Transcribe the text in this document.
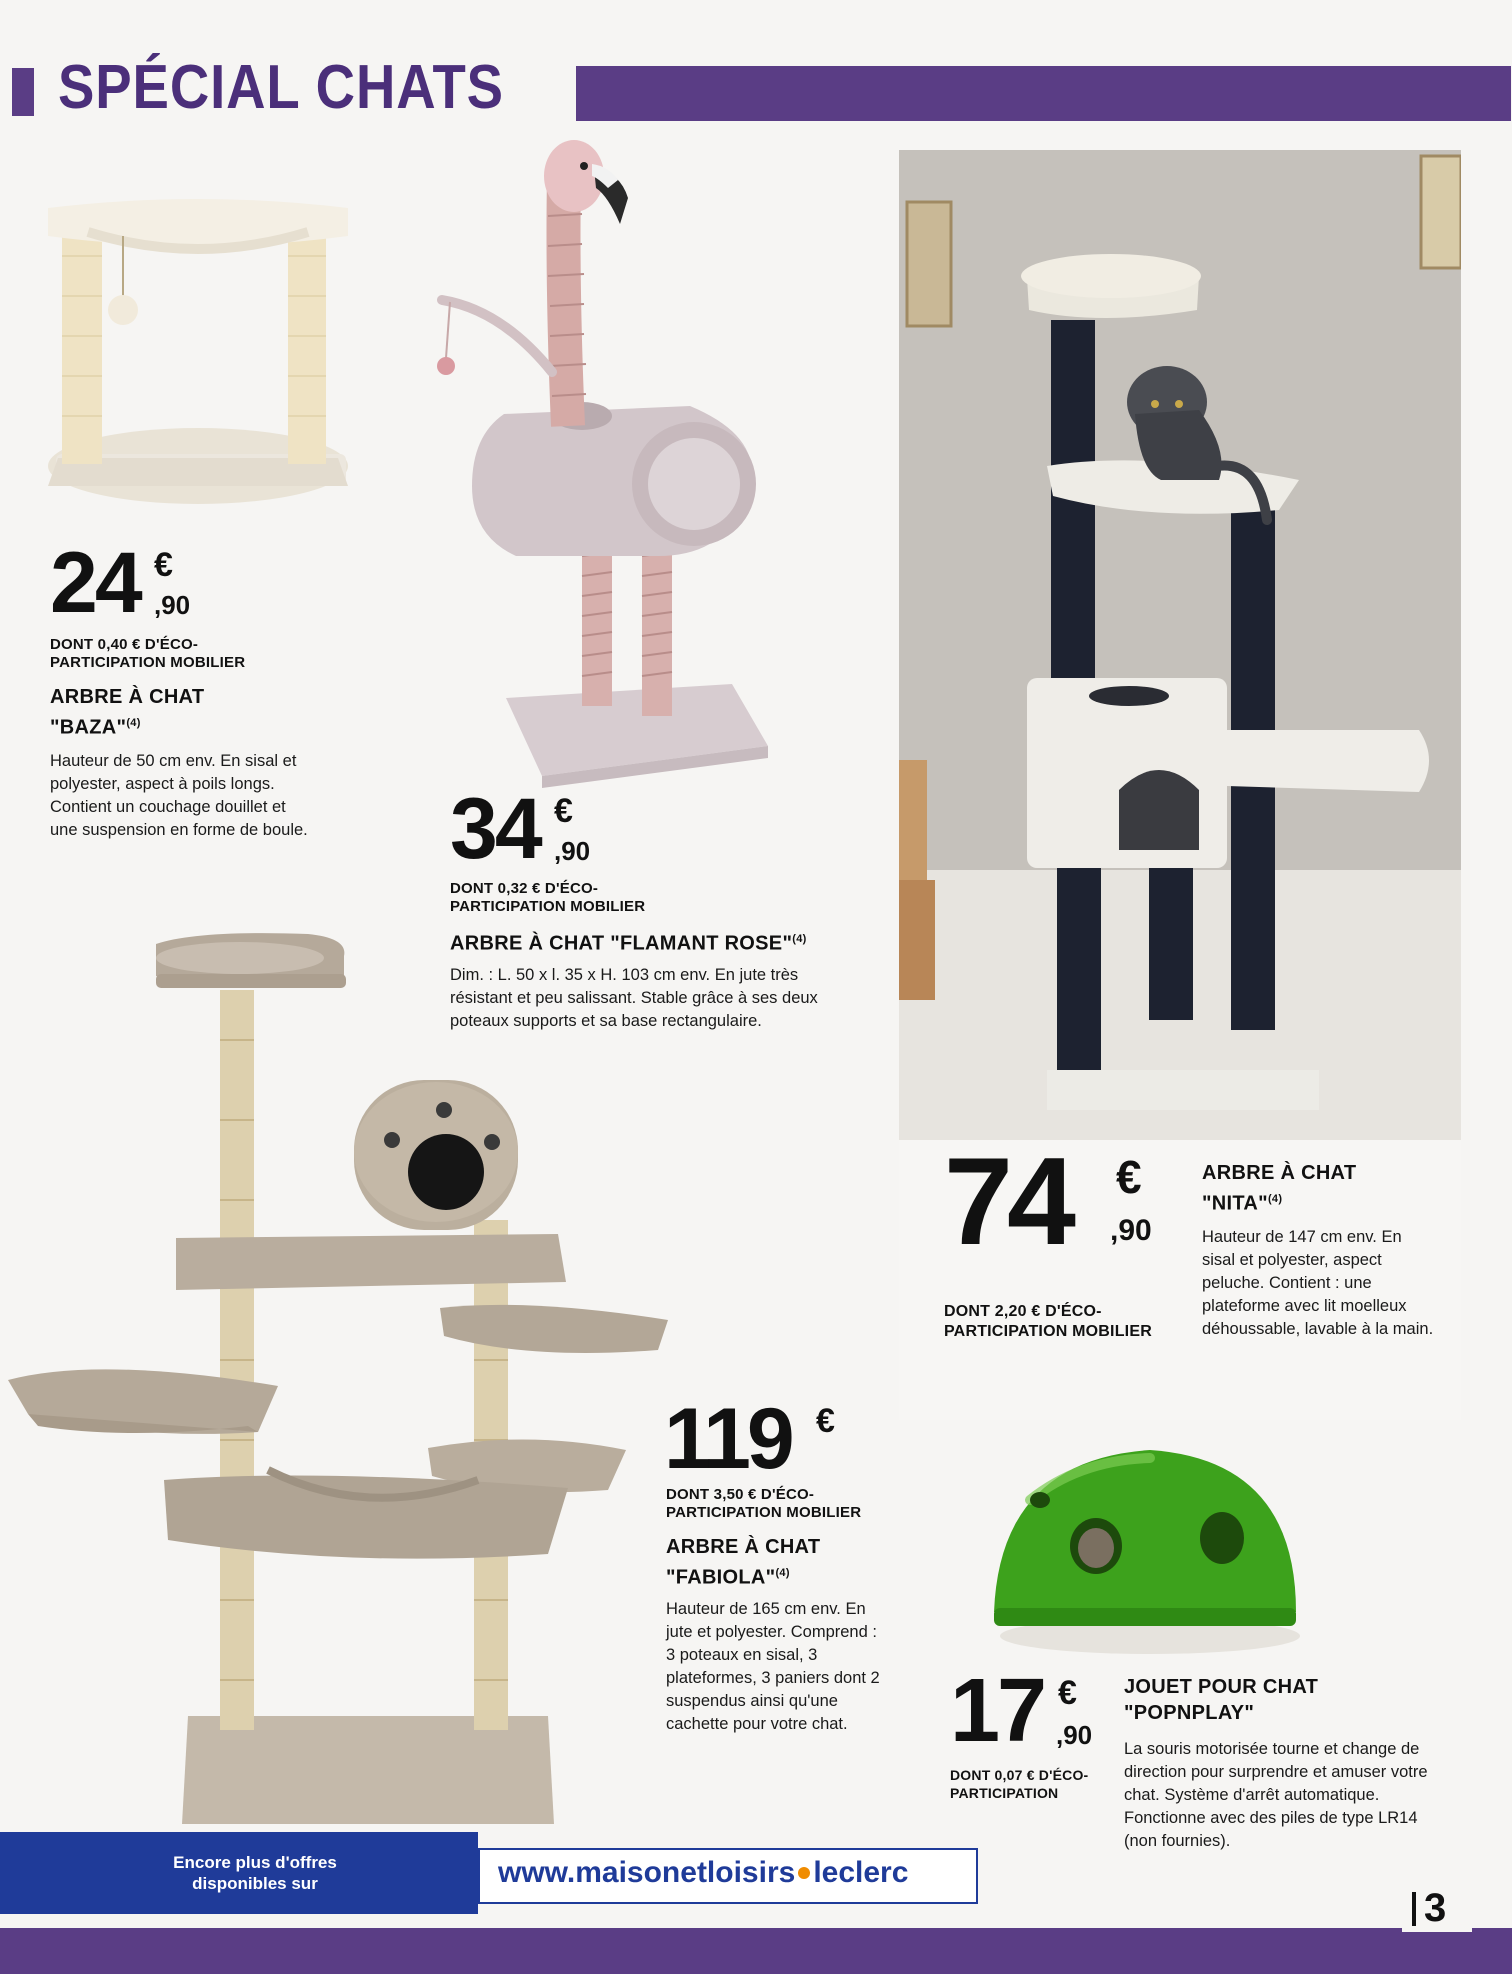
SPÉCIAL CHATS
24 €
,90
DONT 0,40 € D'ÉCO-
PARTICIPATION MOBILIER
ARBRE À CHAT
"BAZA"$^{(4)}$
Hauteur de 50 cm env. En sisal et polyester, aspect à poils longs. Contient un couchage douillet et une suspension en forme de boule. 34 €
,90
DONT 0,32 € D'ÉCO-
PARTICIPATION MOBILIER
ARBRE À CHAT "FLAMANT ROSE"$^{(4)}$
Dim. : L. 50 x l. 35 x H. 103 cm env. En jute très résistant et peu salissant. Stable grâce à ses deux poteaux supports et sa base rectangulaire.
74 €
,90
DONT 2,20 € D'ÉCO-
PARTICIPATION MOBILIER
ARBRE À CHAT
"NITA"$^{(4)}$
Hauteur de 147 cm env. En sisal et polyester, aspect peluche. Contient : une plateforme avec lit moelleux déhoussable, lavable à la main.
119 €
DONT 3,50 € D'ÉCO-
PARTICIPATION MOBILIER
ARBRE À CHAT
"FABIOLA"$^{(4)}$
Hauteur de 165 cm env. En jute et polyester. Comprend : 3 poteaux en sisal, 3 plateformes, 3 paniers dont 2 suspendus ainsi qu'une cachette pour votre chat.	17 €
,90
DONT 0,07 € D'ÉCO-
PARTICIPATION
JOUET POUR CHAT
"POPNPLAY"
La souris motorisée tourne et change de direction pour surprendre et amuser votre chat. Système d'arrêt automatique. Fonctionne avec des piles de type LR14 (non fournies).
Encore plus d'offres disponibles sur	www.maisonetloisirs leclerc
3
